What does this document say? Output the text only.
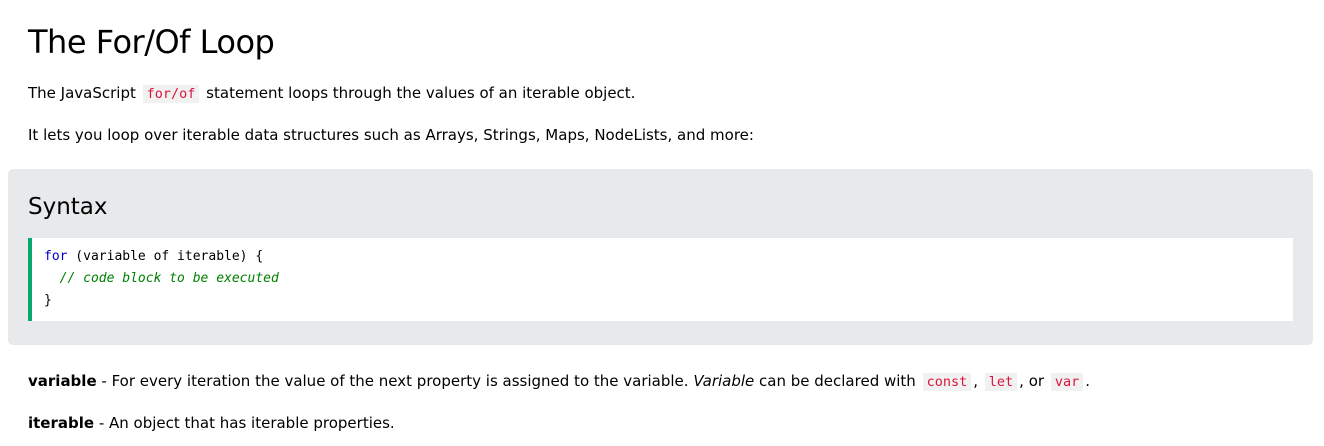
The For/Of Loop

The JavaScript for/of statement loops through the values of an iterable object.

It lets you loop over iterable data structures such as Arrays, Strings, Maps, NodeLists, and more:

Syntax
for (variable of iterable) {
// code block to be executed
}

variable - For every iteration the value of the next property is assigned to the variable. Variable can be declared with const , let , or var .

iterable - An object that has iterable properties.
